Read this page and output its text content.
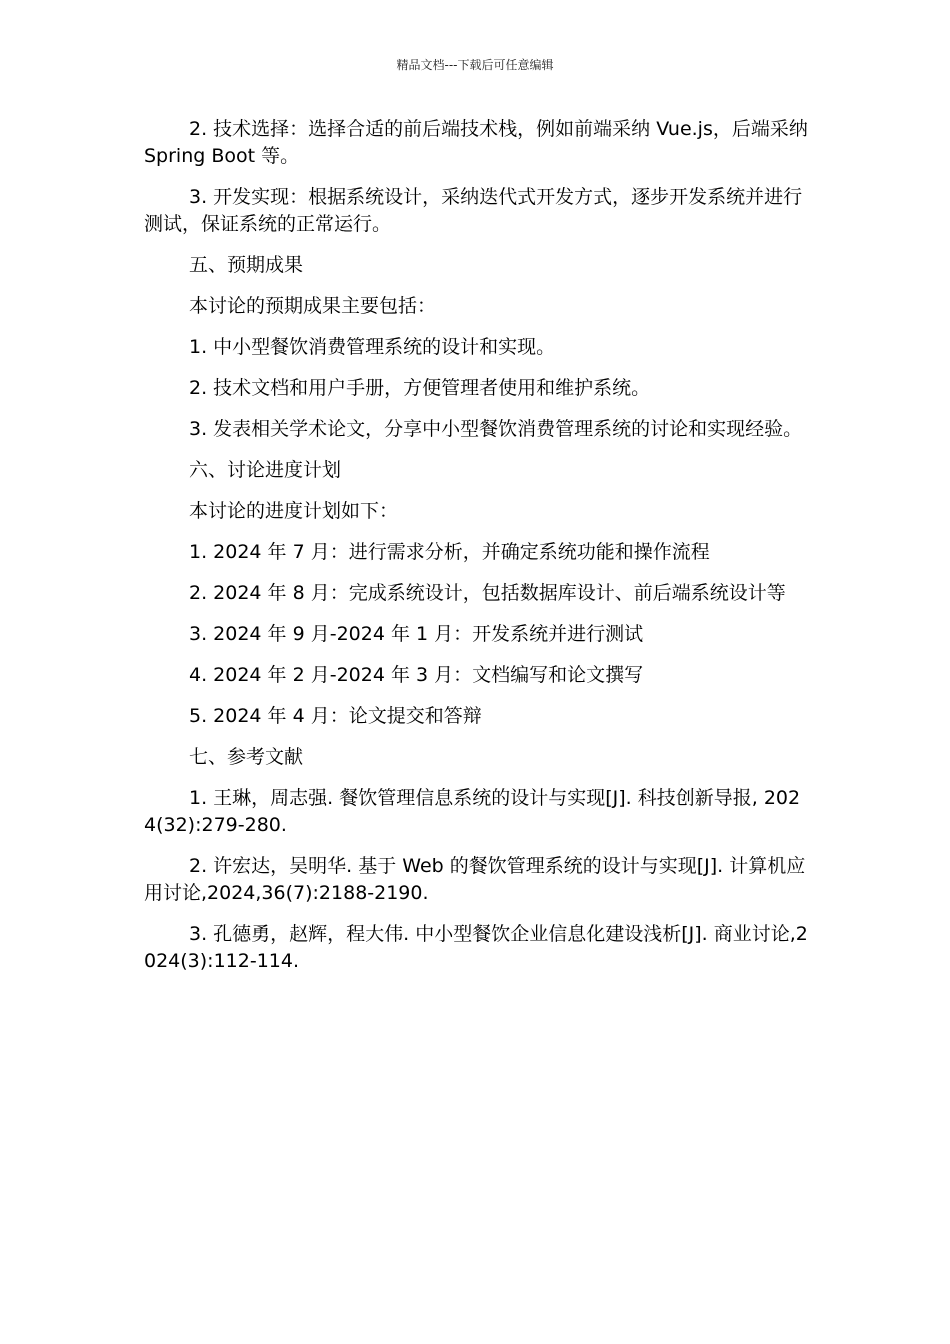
精品文档---下载后可任意编辑

2. 技术选择：选择合适的前后端技术栈，例如前端采纳 Vue.js，后端采纳 Spring Boot 等。

3. 开发实现：根据系统设计，采纳迭代式开发方式，逐步开发系统并进行测试，保证系统的正常运行。

五、预期成果

本讨论的预期成果主要包括：

1. 中小型餐饮消费管理系统的设计和实现。

2. 技术文档和用户手册，方便管理者使用和维护系统。

3. 发表相关学术论文，分享中小型餐饮消费管理系统的讨论和实现经验。

六、讨论进度计划

本讨论的进度计划如下：

1. 2024 年 7 月：进行需求分析，并确定系统功能和操作流程

2. 2024 年 8 月：完成系统设计，包括数据库设计、前后端系统设计等

3. 2024 年 9 月-2024 年 1 月：开发系统并进行测试

4. 2024 年 2 月-2024 年 3 月：文档编写和论文撰写

5. 2024 年 4 月：论文提交和答辩

七、参考文献

1. 王琳，周志强. 餐饮管理信息系统的设计与实现[J]. 科技创新导报, 2024(32):279-280.

2. 许宏达，吴明华. 基于 Web 的餐饮管理系统的设计与实现[J]. 计算机应用讨论,2024,36(7):2188-2190.

3. 孔德勇，赵辉，程大伟. 中小型餐饮企业信息化建设浅析[J]. 商业讨论,2024(3):112-114.
